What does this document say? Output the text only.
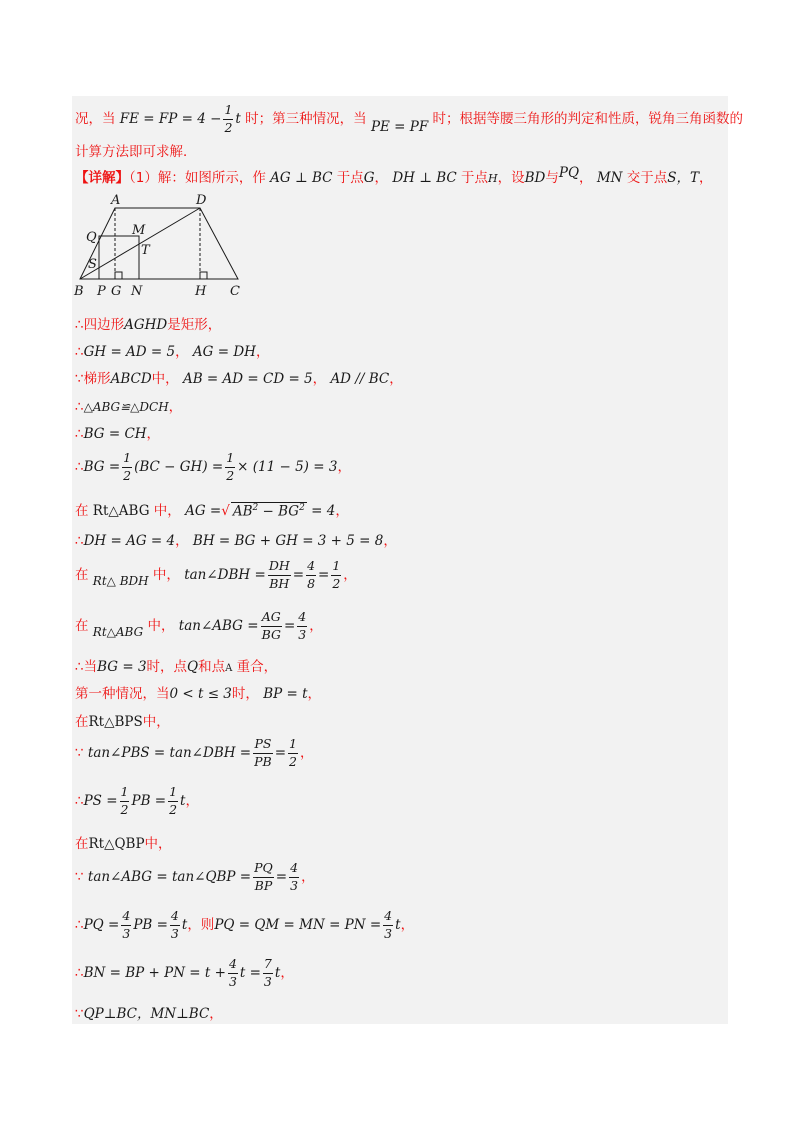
况，当 FE = FP = $4 - \frac{1}{2}$ t 时；第三种情况，当 PE = PF 时；根据等腰三角形的判定和性质，锐角三角函数的
计算方法即可求解．
【详解】（1）解：如图所示，作 AG ⊥ BC 于点G， DH ⊥ BC 于点H，设BD与PQ， MN 交于点S，T，
A	D
Q	M
T
S
B P G N	H C
∴四边形AGHD是矩形，
∴GH = AD = 5， AG = DH，
∵梯形ABCD中， AB = AD = CD = 5， AD // BC，
∴△ABG≌△DCH，
∴BG = CH，
∴BG = $\frac{1}{2} (BC - GH) = \frac{1}{2} \times (11 - 5) = 3$，
在 Rt△ABG 中， AG =√ $AB^2 - BG^2 = 4$，
∴DH = AG = 4， BH = BG + GH = 3 + 5 = 8，
在 Rt△ BDH 中， tan∠DBH = $\frac{DH}{BH} = \frac{4}{8} = \frac{1}{2}$ ，
在 Rt△ABG 中， tan∠ABG = $\frac{AG}{BG} = \frac{4}{3}$ ，
∴当BG = 3时，点Q和点A 重合，
第一种情况，当0 < t ≤ 3时， BP = t，
在Rt△BPS中，
∵ tan∠PBS = tan∠DBH = $\frac{PS}{PB} = \frac{1}{2}$ ，
∴PS = $\frac{1}{2}$ PB = $\frac{1}{2}$ t，
在Rt△QBP中，
∵ tan∠ABG = tan∠QBP = $\frac{PQ}{BP} = \frac{4}{3}$ ，
∴PQ = $\frac{4}{3}$ PB = $\frac{4}{3}$ t，则PQ = QM = MN = PN = $\frac{4}{3}$ t，
∴BN = BP + PN = $t + \frac{4}{3}$ $t = \frac{7}{3}$ t，
∵QP⊥BC，MN⊥BC，
